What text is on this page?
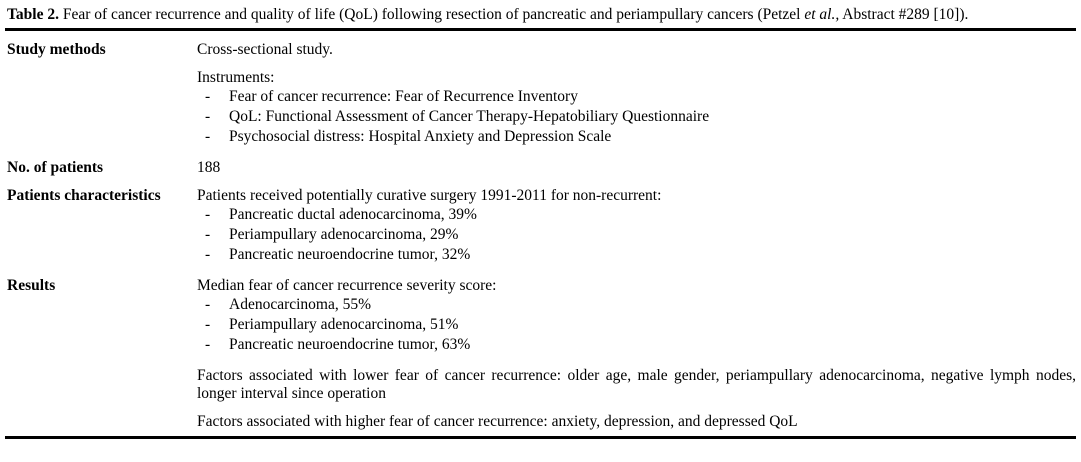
Table 2. Fear of cancer recurrence and quality of life (QoL) following resection of pancreatic and periampullary cancers (Petzel et al., Abstract #289 [10]).

Study methods	Cross-sectional study.

Instruments:

-	Fear of cancer recurrence: Fear of Recurrence Inventory
-	QoL: Functional Assessment of Cancer Therapy-Hepatobiliary Questionnaire
-	Psychosocial distress: Hospital Anxiety and Depression Scale

No. of patients	188

Patients characteristics	Patients received potentially curative surgery 1991-2011 for non-recurrent:

-	Pancreatic ductal adenocarcinoma, 39%
-	Periampullary adenocarcinoma, 29%
-	Pancreatic neuroendocrine tumor, 32%

Results	Median fear of cancer recurrence severity score:

-	Adenocarcinoma, 55%
-	Periampullary adenocarcinoma, 51%
-	Pancreatic neuroendocrine tumor, 63%

Factors associated with lower fear of cancer recurrence: older age, male gender, periampullary adenocarcinoma, negative lymph nodes, longer interval since operation

Factors associated with higher fear of cancer recurrence: anxiety, depression, and depressed QoL
